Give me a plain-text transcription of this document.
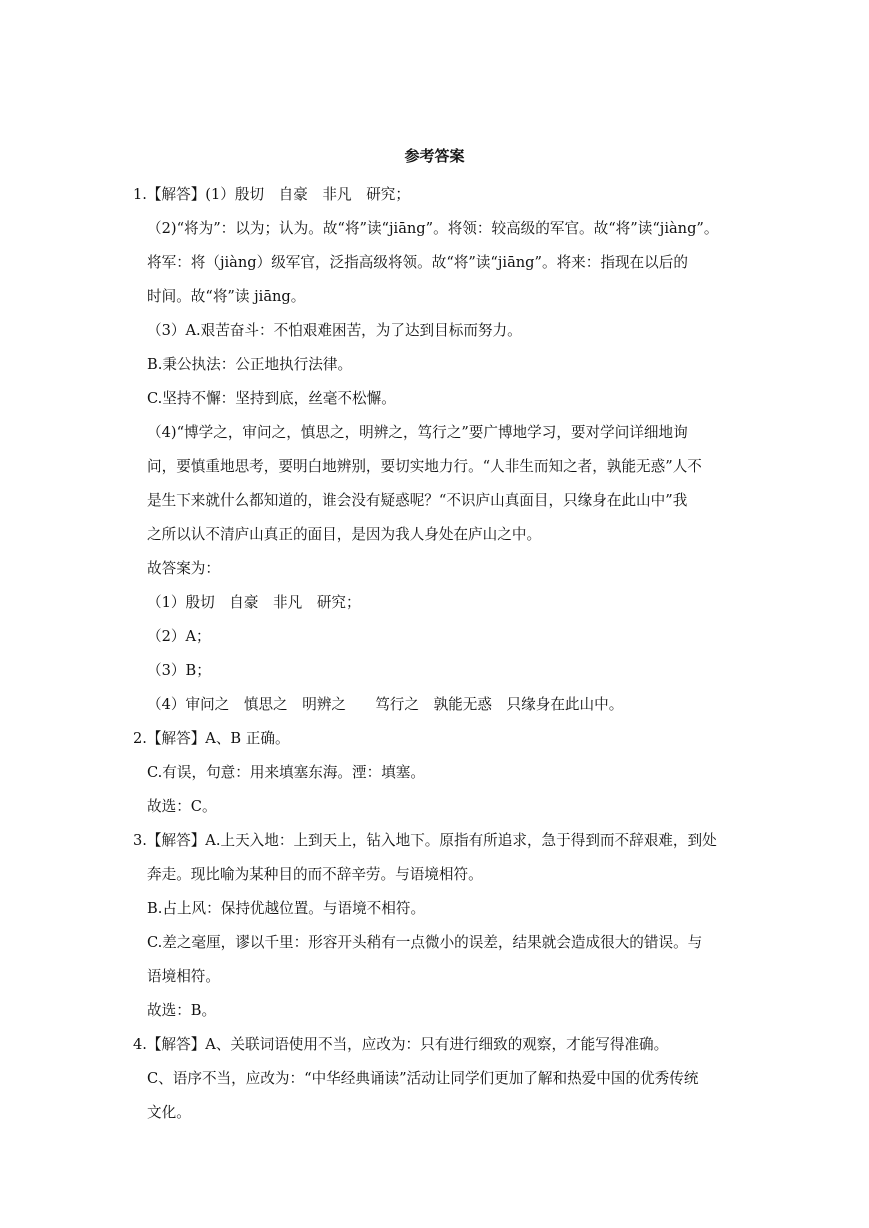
参考答案
1.【解答】(1）殷切　自豪　非凡　研究；
（2)“将为”：以为；认为。故“将”读“jiāng”。将领：较高级的军官。故“将”读“jiàng”。
将军：将（jiàng）级军官，泛指高级将领。故“将”读“jiāng”。将来：指现在以后的
时间。故“将”读 jiāng。
（3）A.艰苦奋斗：不怕艰难困苦，为了达到目标而努力。
B.秉公执法：公正地执行法律。
C.坚持不懈：坚持到底，丝毫不松懈。
（4)“博学之，审问之，慎思之，明辨之，笃行之”要广博地学习，要对学问详细地询
问，要慎重地思考，要明白地辨别，要切实地力行。“人非生而知之者，孰能无惑”人不
是生下来就什么都知道的，谁会没有疑惑呢？“不识庐山真面目，只缘身在此山中”我
之所以认不清庐山真正的面目，是因为我人身处在庐山之中。
故答案为：
（1）殷切　自豪　非凡　研究；
（2）A；
（3）B；
（4）审问之　慎思之　明辨之　　笃行之　孰能无惑　只缘身在此山中。
2.【解答】A、B 正确。
C.有误，句意：用来填塞东海。湮：填塞。
故选：C。
3.【解答】A.上天入地：上到天上，钻入地下。原指有所追求，急于得到而不辞艰难，到处
奔走。现比喻为某种目的而不辞辛劳。与语境相符。
B.占上风：保持优越位置。与语境不相符。
C.差之毫厘，谬以千里：形容开头稍有一点微小的误差，结果就会造成很大的错误。与
语境相符。
故选：B。
4.【解答】A、关联词语使用不当，应改为：只有进行细致的观察，才能写得准确。
C、语序不当，应改为：“中华经典诵读”活动让同学们更加了解和热爱中国的优秀传统
文化。
